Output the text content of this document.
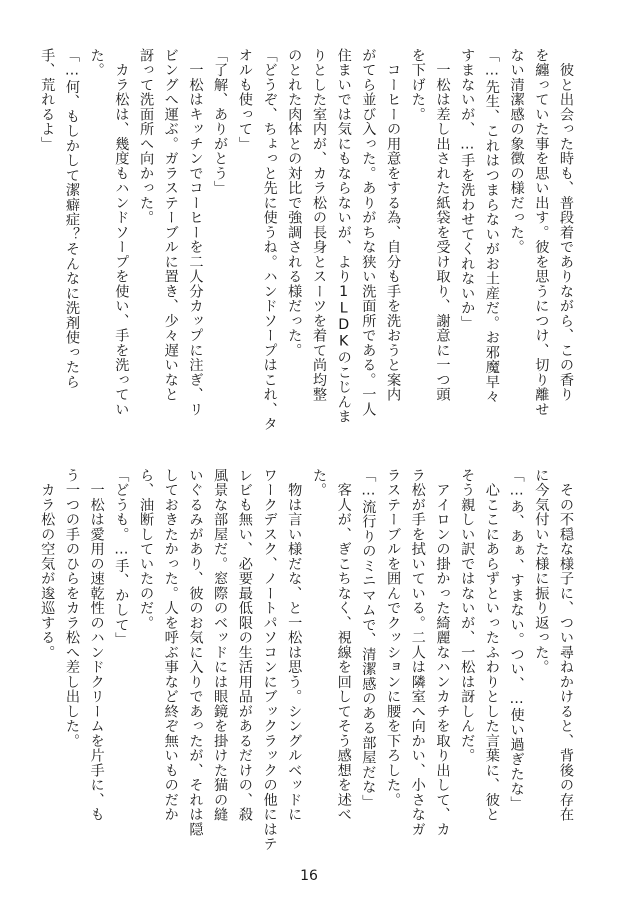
　彼と出会った時も、普段着でありながら、この香り
を纏っていた事を思い出す。彼を思うにつけ、切り離せ
ない清潔感の象徴の様だった。
「…先生、これはつまらないがお土産だ。お邪魔早々
すまないが、…手を洗わせてくれないか」
　一松は差し出された紙袋を受け取り、謝意に一つ頭
を下げた。
　コーヒーの用意をする為、自分も手を洗おうと案内
がてら並び入った。ありがちな狭い洗面所である。一人
住まいでは気にもならないが、より1LDKのこじんま
りとした室内が、カラ松の長身とスーツを着て尚均整
のとれた肉体との対比で強調される様だった。
「どうぞ、ちょっと先に使うね。ハンドソープはこれ、タ
オルも使って」
「了解、ありがとう」
　一松はキッチンでコーヒーを二人分カップに注ぎ、リ
ビングへ運ぶ。ガラステーブルに置き、少々遅いなと
訝って洗面所へ向かった。
　カラ松は、幾度もハンドソープを使い、手を洗ってい
た。
「…何、もしかして潔癖症？そんなに洗剤使ったら
手、荒れるよ」
　その不穏な様子に、つい尋ねかけると、背後の存在
に今気付いた様に振り返った。
「…あ、あぁ、すまない。つい、…使い過ぎたな」
　心ここにあらずといったふわりとした言葉に、彼と
そう親しい訳ではないが、一松は訝しんだ。
　アイロンの掛かった綺麗なハンカチを取り出して、カ
ラ松が手を拭いている。二人は隣室へ向かい、小さなガ
ラステーブルを囲んでクッションに腰を下ろした。
「…流行りのミニマムで、清潔感のある部屋だな」
　客人が、ぎこちなく、視線を回してそう感想を述べ
た。
　物は言い様だな、と一松は思う。シングルベッドに
ワークデスク、ノートパソコンにブックラックの他にはテ
レビも無い、必要最低限の生活用品があるだけの、殺
風景な部屋だ。窓際のベッドには眼鏡を掛けた猫の縫
いぐるみがあり、彼のお気に入りであったが、それは隠
しておきたかった。人を呼ぶ事など終ぞ無いものだか
ら、油断していたのだ。
「どうも。…手、かして」
　一松は愛用の速乾性のハンドクリームを片手に、も
う一つの手のひらをカラ松へ差し出した。
　カラ松の空気が逡巡する。
16
